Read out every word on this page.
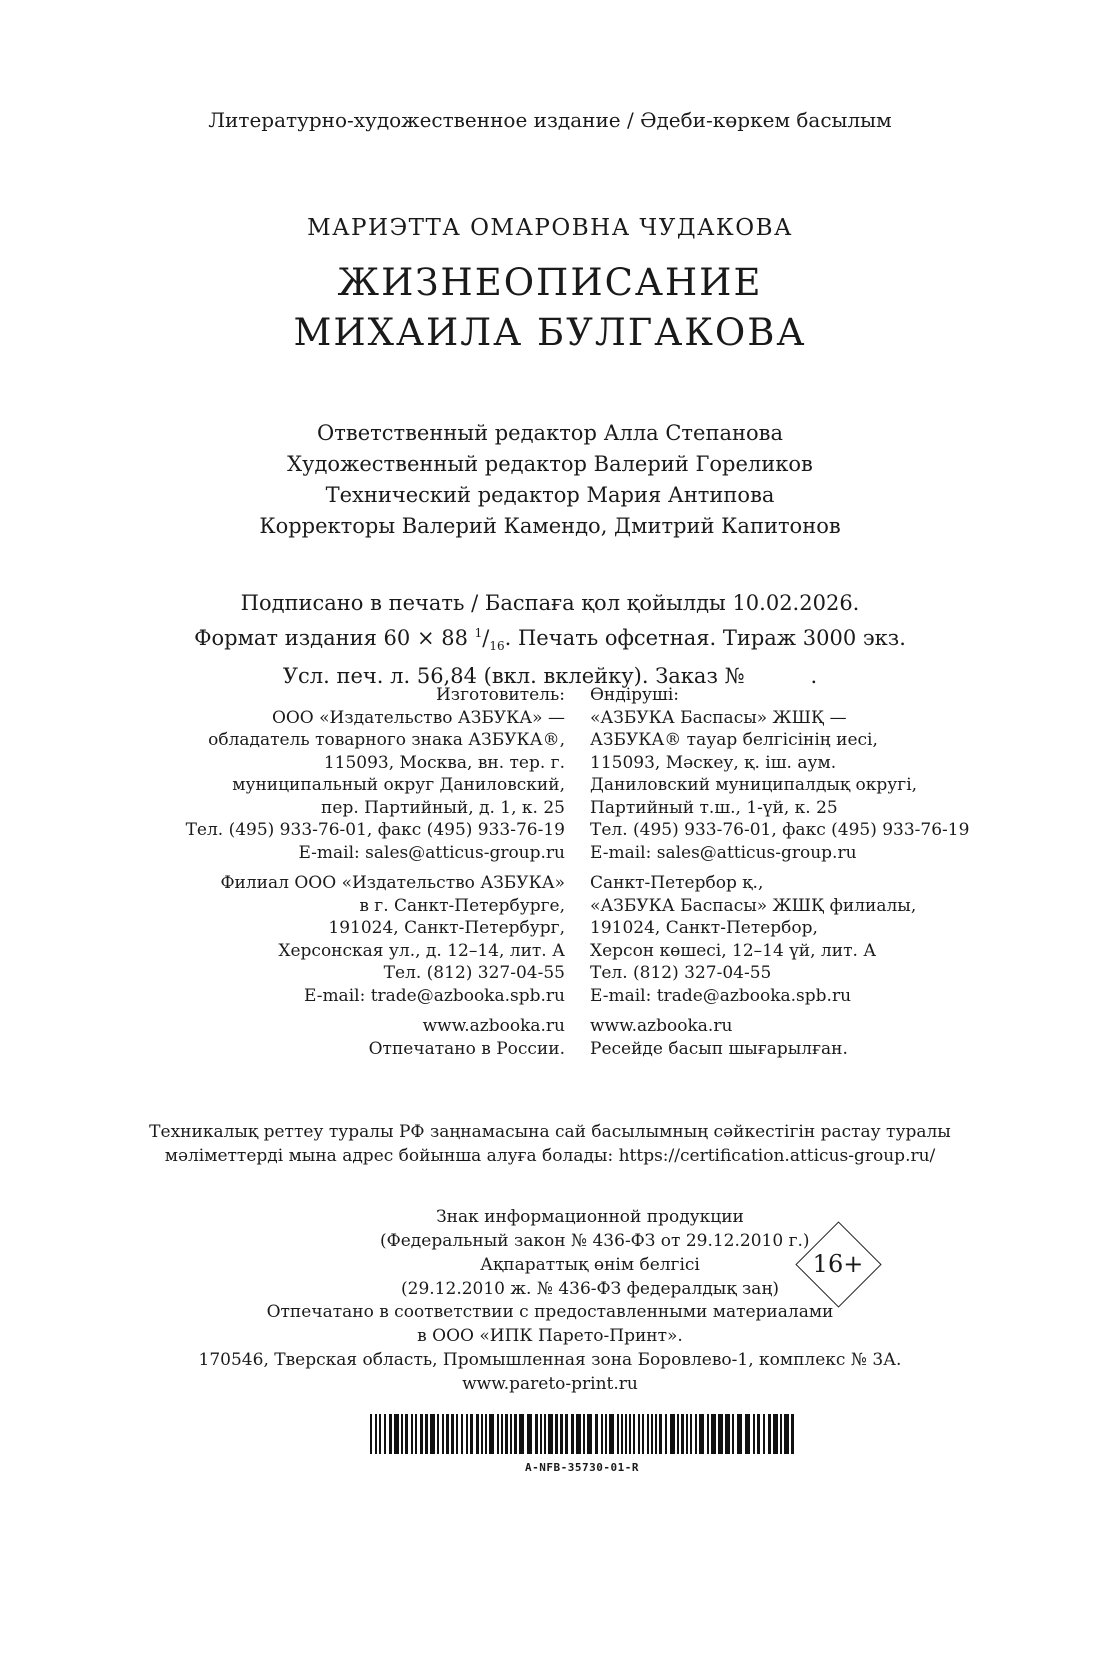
Литературно-художественное издание / Әдеби-көркем басылым
МАРИЭТТА ОМАРОВНА ЧУДАКОВА
ЖИЗНЕОПИСАНИЕ
МИХАИЛА БУЛГАКОВА
Ответственный редактор Алла Степанова
Художественный редактор Валерий Гореликов
Технический редактор Мария Антипова
Корректоры Валерий Камендо, Дмитрий Капитонов
Подписано в печать / Баспаға қол қойылды 10.02.2026.
Формат издания 60 × 88 $^1/_{16}$. Печать офсетная. Тираж 3000 экз.
Усл. печ. л. 56,84 (вкл. вклейку). Заказ №	.
Изготовитель:
ООО «Издательство АЗБУКА» —
обладатель товарного знака АЗБУКА®,
115093, Москва, вн. тер. г.
муниципальный округ Даниловский,
пер. Партийный, д. 1, к. 25
Тел. (495) 933-76-01, факс (495) 933-76-19
E-mail: sales@atticus-group.ru
Филиал ООО «Издательство АЗБУКА»
в г. Санкт-Петербурге,
191024, Санкт-Петербург,
Херсонская ул., д. 12–14, лит. А
Тел. (812) 327-04-55
E-mail: trade@azbooka.spb.ru
www.azbooka.ru
Отпечатано в России.
Өндіруші:
«АЗБУКА Баспасы» ЖШҚ —
АЗБУКА® тауар белгісінің иесі,
115093, Мәскеу, қ. іш. аум.
Даниловский муниципалдық округі,
Партийный т.ш., 1-үй, к. 25
Тел. (495) 933-76-01, факс (495) 933-76-19
E-mail: sales@atticus-group.ru
Санкт-Петербор қ.,
«АЗБУКА Баспасы» ЖШҚ филиалы,
191024, Санкт-Петербор,
Херсон көшесі, 12–14 үй, лит. А
Тел. (812) 327-04-55
E-mail: trade@azbooka.spb.ru
www.azbooka.ru
Ресейде басып шығарылған.
Техникалық реттеу туралы РФ заңнамасына сай басылымның сәйкестігін растау туралы
мәліметтерді мына адрес бойынша алуға болады: https://certification.atticus-group.ru/
Знак информационной продукции
(Федеральный закон № 436-ФЗ от 29.12.2010 г.)
Ақпараттық өнім белгісі
(29.12.2010 ж. № 436-ФЗ федералдық заң)
16+
Отпечатано в соответствии с предоставленными материалами
в ООО «ИПК Парето-Принт».
170546, Тверская область, Промышленная зона Боровлево-1, комплекс № 3А.
www.pareto-print.ru
A-NFB-35730-01-R
